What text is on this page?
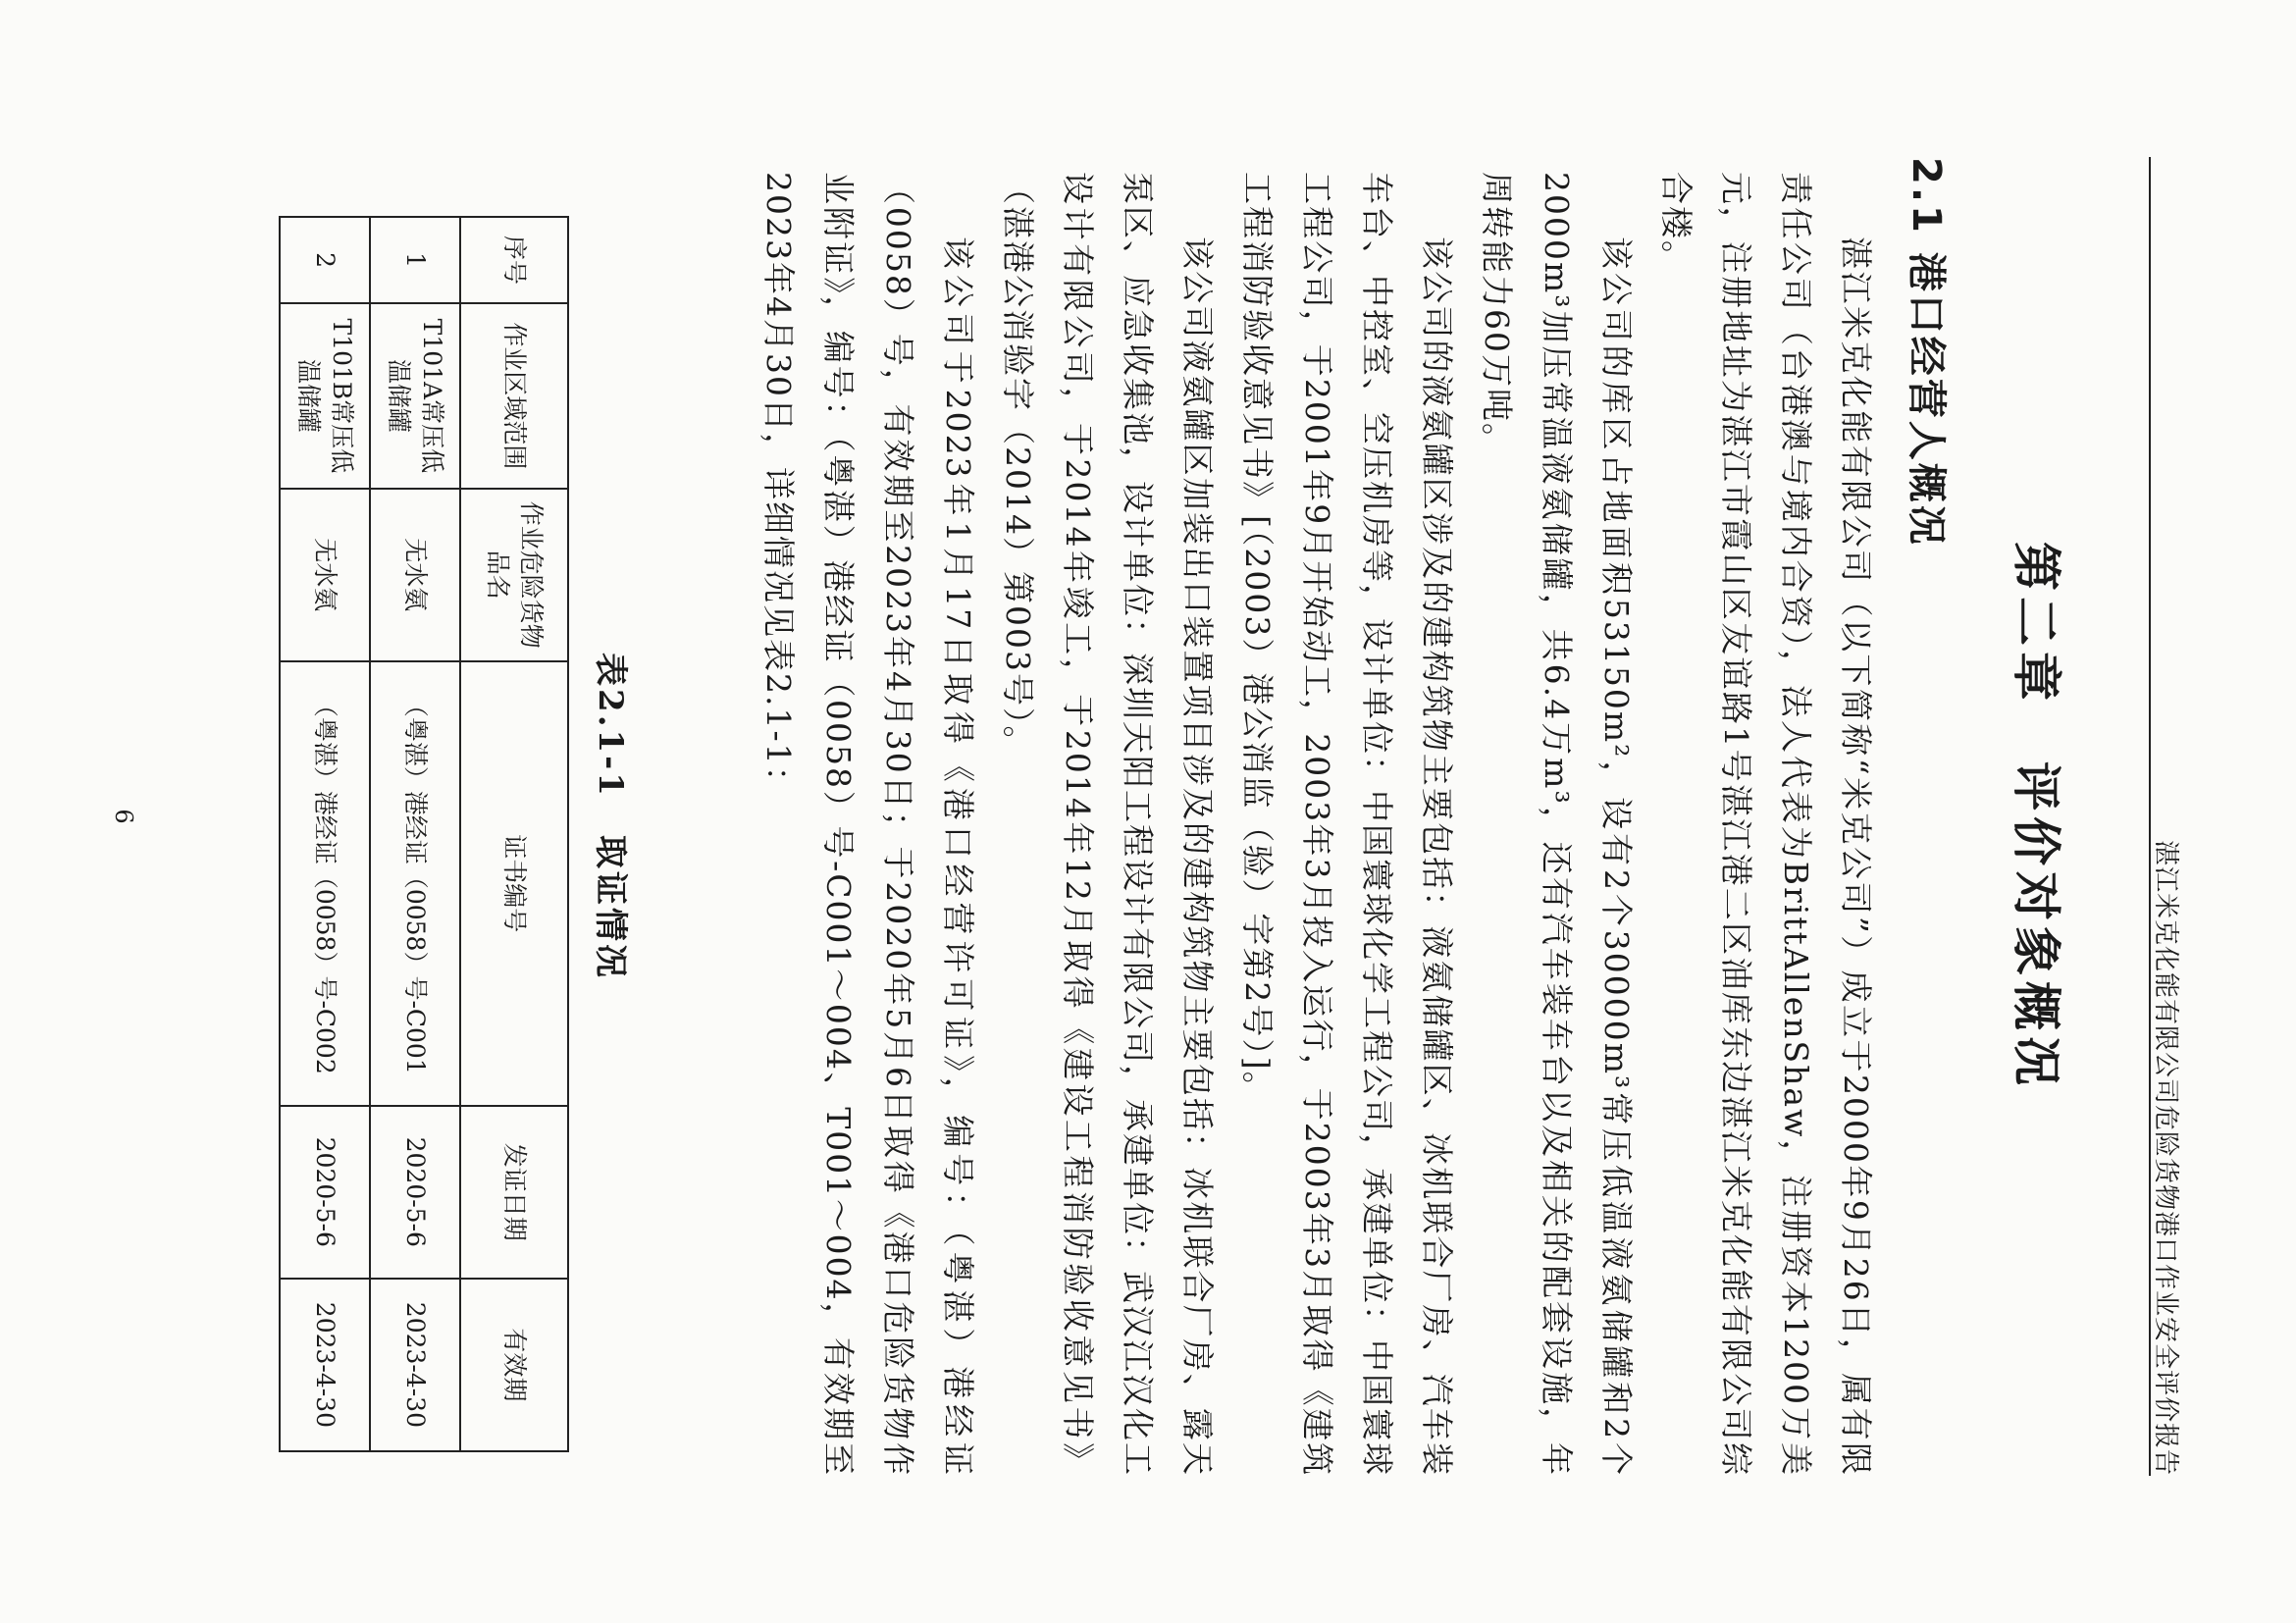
湛江米克化能有限公司危险货物港口作业安全评价报告
第二章　评价对象概况
2.1 港口经营人概况

湛江米克化能有限公司（以下简称“米克公司”）成立于2000年9月26日，属有限责任公司（台港澳与境内合资），法人代表为BrittAllenShaw，注册资本1200万美元，注册地址为湛江市霞山区友谊路1号湛江港二区油库东边湛江米克化能有限公司综合楼。

该公司的库区占地面积53150m²，设有2个30000m³常压低温液氨储罐和2个2000m³加压常温液氨储罐，共6.4万m³，还有汽车装车台以及相关的配套设施，年周转能力60万吨。

该公司的液氨罐区涉及的建构筑物主要包括：液氨储罐区、冰机联合厂房、汽车装车台、中控室、空压机房等，设计单位：中国寰球化学工程公司，承建单位：中国寰球工程公司，于2001年9月开始动工，2003年3月投入运行，于2003年3月取得《建筑工程消防验收意见书》[（2003）港公消监（验）字第2号）]。

该公司液氨罐区加装出口装置项目涉及的建构筑物主要包括：冰机联合厂房、露天泵区、应急收集池，设计单位：深圳天阳工程设计有限公司，承建单位：武汉江汉化工设计有限公司，于2014年竣工，于2014年12月取得《建设工程消防验收意见书》（湛港公消验字（2014）第003号）。

该公司于2023年1月17日取得《港口经营许可证》，编号：（粤湛）港经证（0058）号，有效期至2023年4月30日；于2020年5月6日取得《港口危险货物作业附证》，编号：（粤湛）港经证（0058）号-C001～004、T001～004，有效期至2023年4月30日，详细情况见表2.1-1：

表2.1-1　取证情况
序号	作业区域范围	作业危险货物品名	证书编号	发证日期	有效期
1	T101A常压低温储罐	无水氨	（粤湛）港经证（0058）号-C001	2020-5-6	2023-4-30
2	T101B常压低温储罐	无水氨	（粤湛）港经证（0058）号-C002	2020-5-6	2023-4-30
6
